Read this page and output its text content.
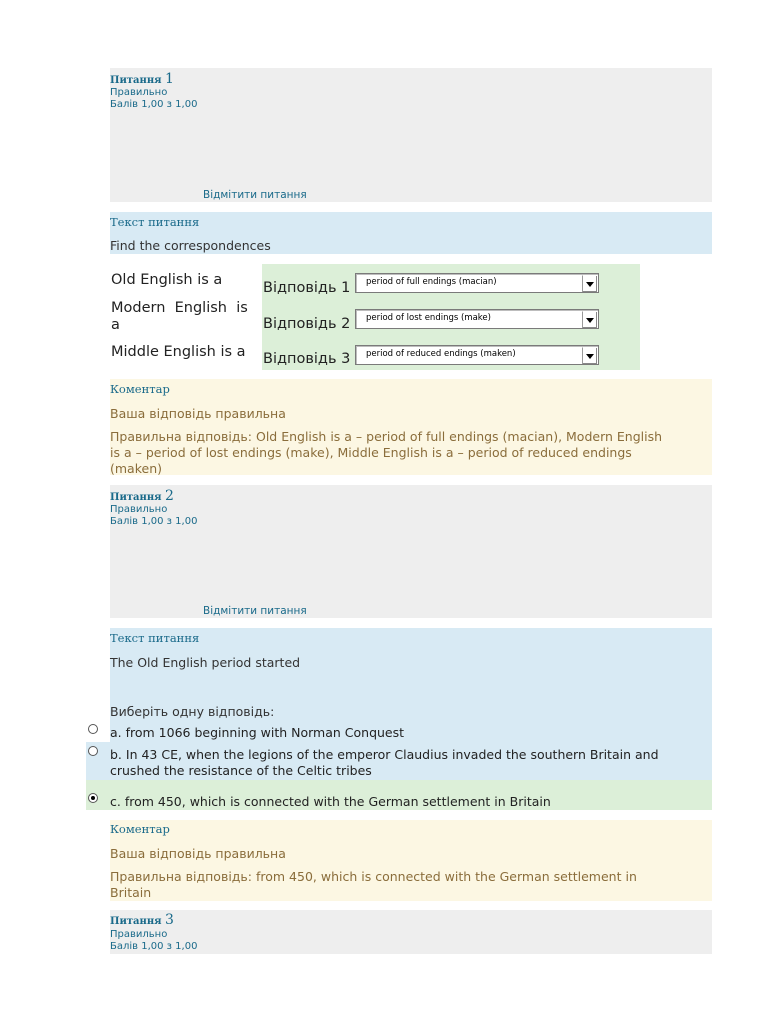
Питання 1
Правильно
Балів 1,00 з 1,00
Відмітити питання
Текст питання
Find the correspondences
Old English is a
Modern  English  is
a
Middle English is a
Відповідь 1 period of full endings (macian)
Відповідь 2 period of lost endings (make)
Відповідь 3 period of reduced endings (maken)
Коментар
Ваша відповідь правильна
Правильна відповідь: Old English is a – period of full endings (macian), Modern English
is a – period of lost endings (make), Middle English is a – period of reduced endings
(maken)
Питання 2
Правильно
Балів 1,00 з 1,00
Відмітити питання
Текст питання
The Old English period started
Виберіть одну відповідь:
a. from 1066 beginning with Norman Conquest
b. In 43 CE, when the legions of the emperor Claudius invaded the southern Britain and
crushed the resistance of the Celtic tribes
c. from 450, which is connected with the German settlement in Britain
Коментар
Ваша відповідь правильна
Правильна відповідь: from 450, which is connected with the German settlement in
Britain
Питання 3
Правильно
Балів 1,00 з 1,00
